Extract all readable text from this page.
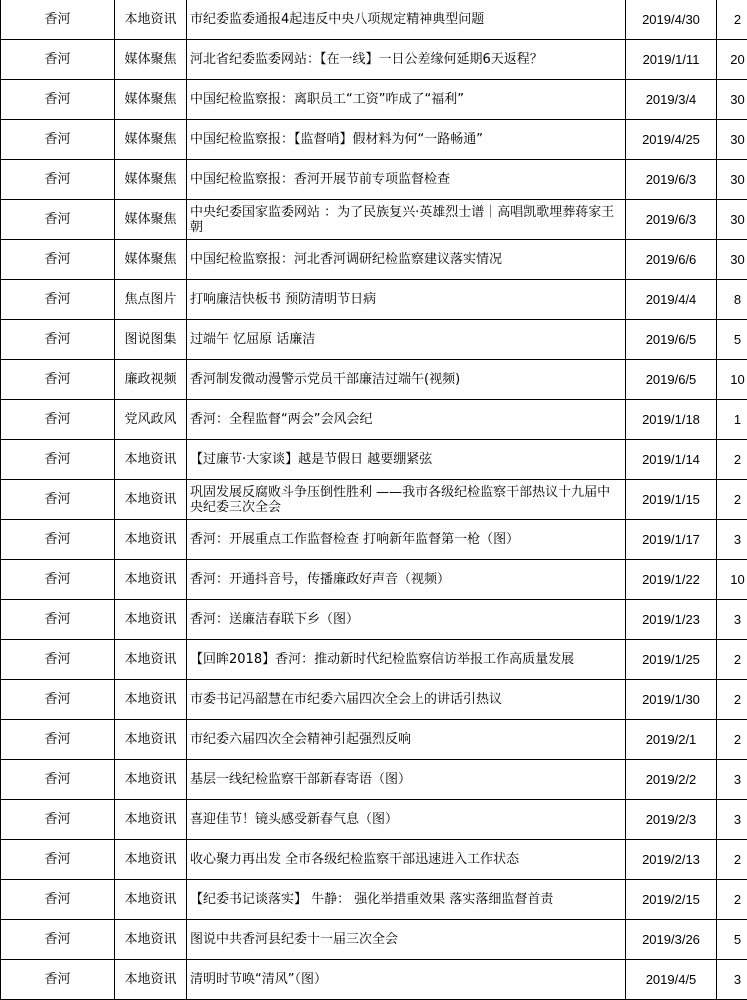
香河	本地资讯	市纪委监委通报4起违反中央八项规定精神典型问题	2019/4/30	2
香河	媒体聚焦	河北省纪委监委网站：【在一线】一日公差缘何延期6天返程？	2019/1/11	20
香河	媒体聚焦	中国纪检监察报：离职员工“工资”咋成了“福利”	2019/3/4	30
香河	媒体聚焦	中国纪检监察报：【监督哨】假材料为何“一路畅通”	2019/4/25	30
香河	媒体聚焦	中国纪检监察报：香河开展节前专项监督检查	2019/6/3	30
香河	媒体聚焦	中央纪委国家监委网站 ：为了民族复兴·英雄烈士谱｜高唱凯歌埋葬蒋家王朝	2019/6/3	30
香河	媒体聚焦	中国纪检监察报：河北香河调研纪检监察建议落实情况	2019/6/6	30
香河	焦点图片	打响廉洁快板书 预防清明节日病	2019/4/4	8
香河	图说图集	过端午 忆屈原 话廉洁	2019/6/5	5
香河	廉政视频	香河制发微动漫警示党员干部廉洁过端午(视频)	2019/6/5	10
香河	党风政风	香河：全程监督“两会”会风会纪	2019/1/18	1
香河	本地资讯	【过廉节·大家谈】越是节假日 越要绷紧弦	2019/1/14	2
香河	本地资讯	巩固发展反腐败斗争压倒性胜利 ——我市各级纪检监察干部热议十九届中央纪委三次全会	2019/1/15	2
香河	本地资讯	香河：开展重点工作监督检查 打响新年监督第一枪（图）	2019/1/17	3
香河	本地资讯	香河：开通抖音号，传播廉政好声音（视频）	2019/1/22	10
香河	本地资讯	香河：送廉洁春联下乡（图）	2019/1/23	3
香河	本地资讯	【回眸2018】香河：推动新时代纪检监察信访举报工作高质量发展	2019/1/25	2
香河	本地资讯	市委书记冯韶慧在市纪委六届四次全会上的讲话引热议	2019/1/30	2
香河	本地资讯	市纪委六届四次全会精神引起强烈反响	2019/2/1	2
香河	本地资讯	基层一线纪检监察干部新春寄语（图）	2019/2/2	3
香河	本地资讯	喜迎佳节！镜头感受新春气息（图）	2019/2/3	3
香河	本地资讯	收心聚力再出发 全市各级纪检监察干部迅速进入工作状态	2019/2/13	2
香河	本地资讯	【纪委书记谈落实】 牛静： 强化举措重效果 落实落细监督首责	2019/2/15	2
香河	本地资讯	图说中共香河县纪委十一届三次全会	2019/3/26	5
香河	本地资讯	清明时节唤“清风”（图）	2019/4/5	3
